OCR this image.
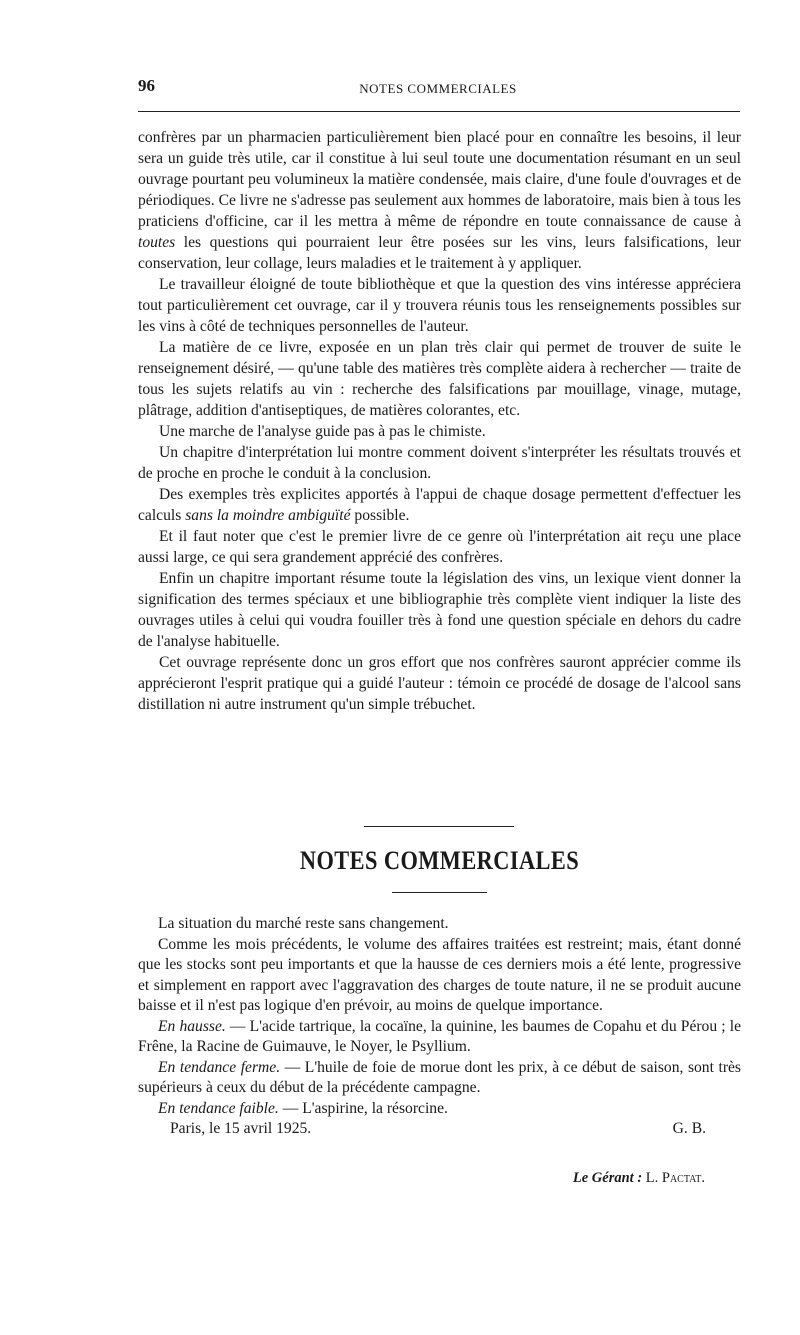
96	NOTES COMMERCIALES

confrères par un pharmacien particulièrement bien placé pour en connaître les besoins, il leur sera un guide très utile, car il constitue à lui seul toute une documentation résumant en un seul ouvrage pourtant peu volumineux la matière condensée, mais claire, d'une foule d'ouvrages et de périodiques. Ce livre ne s'adresse pas seulement aux hommes de laboratoire, mais bien à tous les praticiens d'officine, car il les mettra à même de répondre en toute connaissance de cause à toutes les questions qui pourraient leur être posées sur les vins, leurs falsifications, leur conservation, leur collage, leurs maladies et le traitement à y appliquer.

Le travailleur éloigné de toute bibliothèque et que la question des vins intéresse appréciera tout particulièrement cet ouvrage, car il y trouvera réunis tous les renseignements possibles sur les vins à côté de techniques personnelles de l'auteur.

La matière de ce livre, exposée en un plan très clair qui permet de trouver de suite le renseignement désiré, — qu'une table des matières très complète aidera à rechercher — traite de tous les sujets relatifs au vin : recherche des falsifications par mouillage, vinage, mutage, plâtrage, addition d'antiseptiques, de matières colorantes, etc.

Une marche de l'analyse guide pas à pas le chimiste.

Un chapitre d'interprétation lui montre comment doivent s'interpréter les résultats trouvés et de proche en proche le conduit à la conclusion.

Des exemples très explicites apportés à l'appui de chaque dosage permettent d'effectuer les calculs sans la moindre ambiguïté possible.

Et il faut noter que c'est le premier livre de ce genre où l'interprétation ait reçu une place aussi large, ce qui sera grandement apprécié des confrères.

Enfin un chapitre important résume toute la législation des vins, un lexique vient donner la signification des termes spéciaux et une bibliographie très complète vient indiquer la liste des ouvrages utiles à celui qui voudra fouiller très à fond une question spéciale en dehors du cadre de l'analyse habituelle.

Cet ouvrage représente donc un gros effort que nos confrères sauront apprécier comme ils apprécieront l'esprit pratique qui a guidé l'auteur : témoin ce procédé de dosage de l'alcool sans distillation ni autre instrument qu'un simple trébuchet.

NOTES COMMERCIALES

La situation du marché reste sans changement.

Comme les mois précédents, le volume des affaires traitées est restreint; mais, étant donné que les stocks sont peu importants et que la hausse de ces derniers mois a été lente, progressive et simplement en rapport avec l'aggravation des charges de toute nature, il ne se produit aucune baisse et il n'est pas logique d'en prévoir, au moins de quelque importance.

En hausse. — L'acide tartrique, la cocaïne, la quinine, les baumes de Copahu et du Pérou ; le Frêne, la Racine de Guimauve, le Noyer, le Psyllium.

En tendance ferme. — L'huile de foie de morue dont les prix, à ce début de saison, sont très supérieurs à ceux du début de la précédente campagne.

En tendance faible. — L'aspirine, la résorcine.

Paris, le 15 avril 1925.	G. B.
Le Gérant : L. Pactat.
